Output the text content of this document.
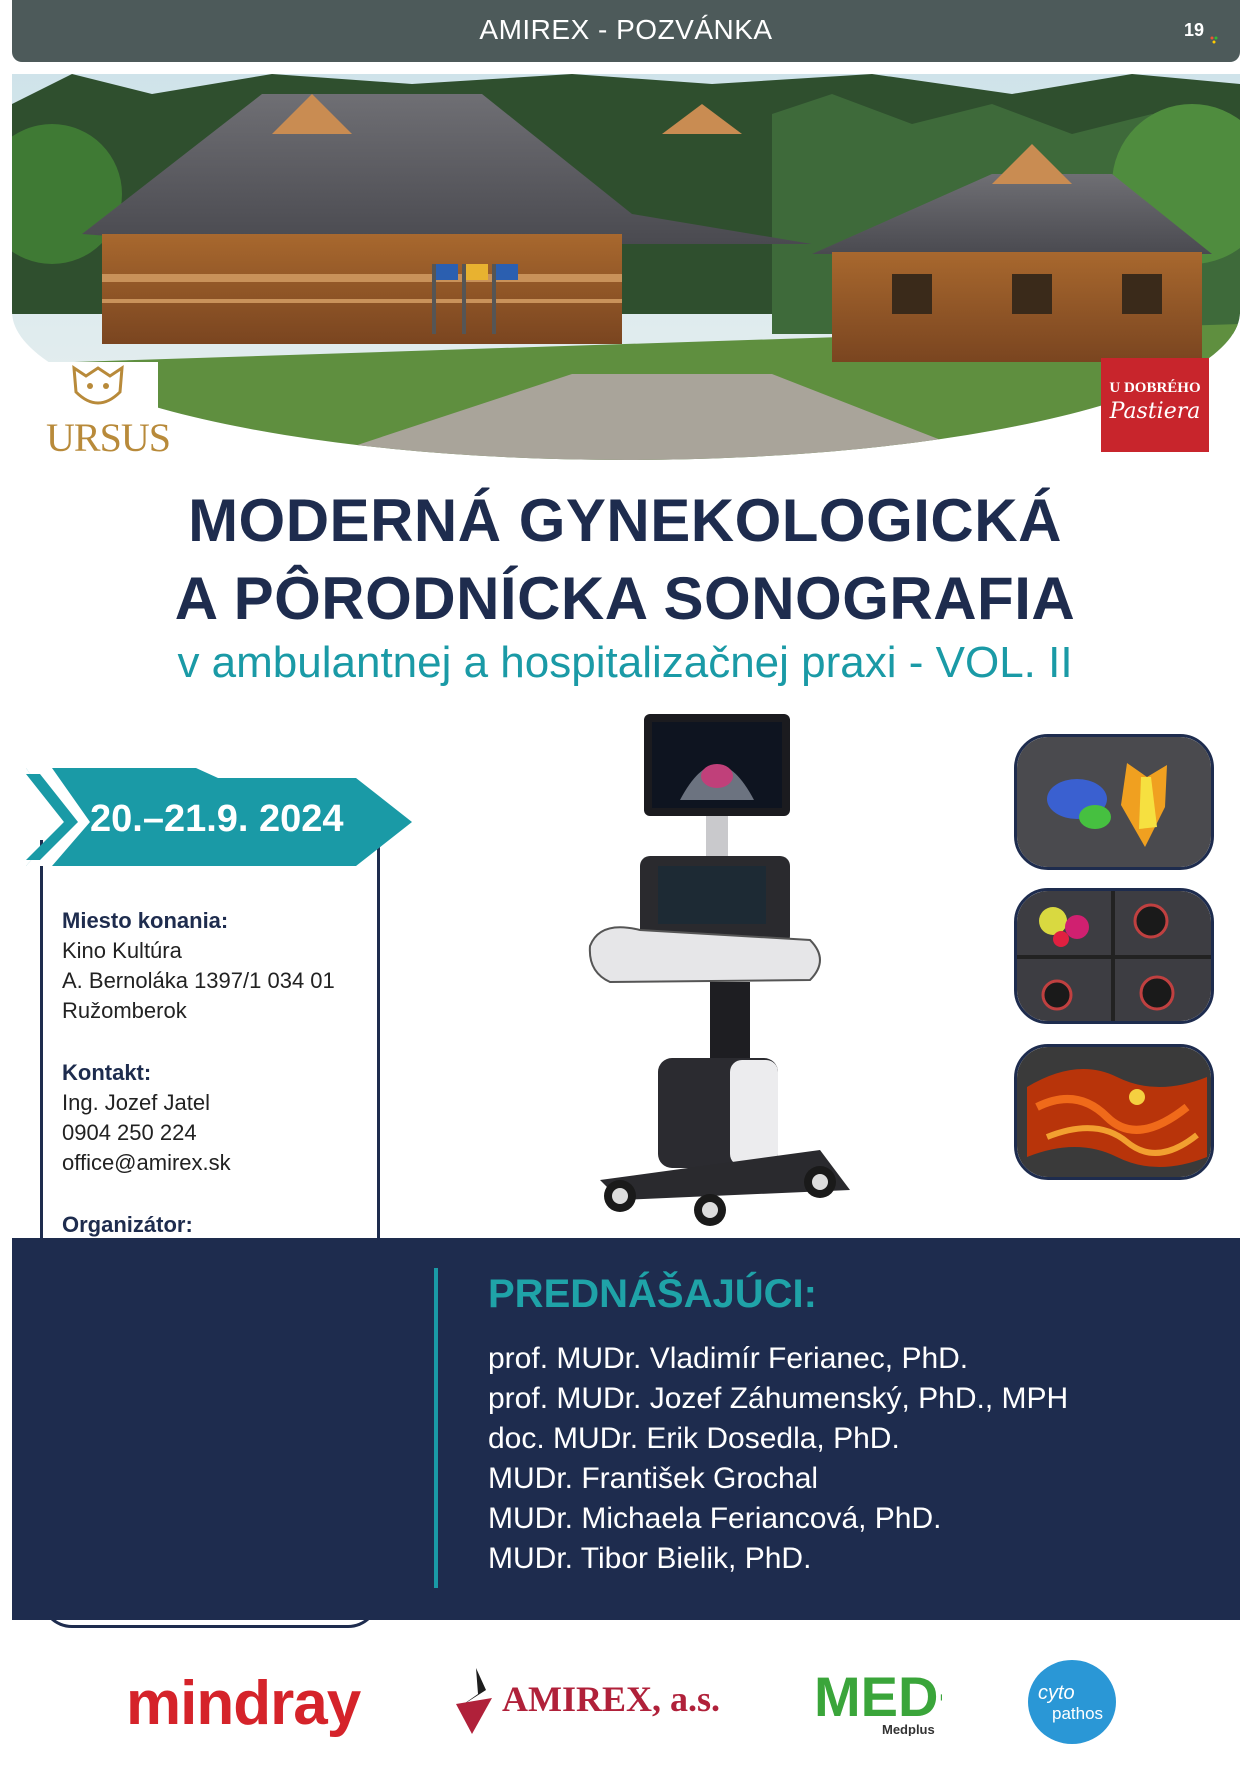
AMIREX - POZVÁNKA	19
URSUS
U DOBRÉHO
Pastiera
MODERNÁ GYNEKOLOGICKÁ
A PÔRODNÍCKA SONOGRAFIA
v ambulantnej a hospitalizačnej praxi - VOL. II
20.–21.9. 2024
Miesto konania:
Kino Kultúra
A. Bernoláka 1397/1 034 01
Ružomberok
Kontakt:
Ing. Jozef Jatel
0904 250 224
office@amirex.sk
Organizátor:
PREDNÁŠAJÚCI:
prof. MUDr. Vladimír Ferianec, PhD.
prof. MUDr. Jozef Záhumenský, PhD., MPH
doc. MUDr. Erik Dosedla, PhD.
MUDr. František Grochal
MUDr. Michaela Feriancová, PhD.
MUDr. Tibor Bielik, PhD.
mindray	AMIREX, a.s. MED
Medplus
cyto
pathos
